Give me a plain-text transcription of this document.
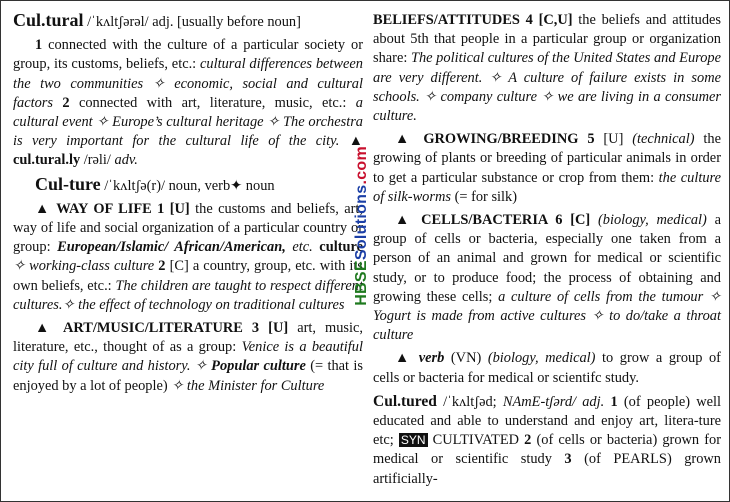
Cul.tural /ˈkʌltʃərəl/ adj. [usually before noun]

1 connected with the culture of a particular society or group, its customs, beliefs, etc.: cultural differences between the two communities ✧ economic, social and cultural factors 2 connected with art, literature, music, etc.: a cultural event ✧ Europe’s cultural heritage ✧ The orchestra is very important for the cultural life of the city. ▲ cul.tural.ly /rəli/ adv.

Cul-ture /ˈkʌltʃə(r)/ noun, verb✦ noun

▲ WAY OF LIFE 1 [U] the customs and beliefs, art, way of life and social organization of a particular country or group: European/Islamic/ African/American, etc. culture ✧ working-class culture 2 [C] a country, group, etc. with its own beliefs, etc.: The children are taught to respect different cultures.✧ the effect of technology on traditional cultures

▲ ART/MUSIC/LITERATURE 3 [U] art, music, literature, etc., thought of as a group: Venice is a beautiful city full of culture and history. ✧ Popular culture (= that is enjoyed by a lot of people) ✧ the Minister for Culture

HBSESolutions.com

BELIEFS/ATTITUDES 4 [C,U] the beliefs and attitudes about 5th that people in a particular group or organization share: The political cultures of the United States and Europe are very different. ✧ A culture of failure exists in some schools. ✧ company culture ✧ we are living in a consumer culture.

▲ GROWING/BREEDING 5 [U] (technical) the growing of plants or breeding of particular animals in order to get a particular substance or crop from them: the culture of silk-worms (= for silk)

▲ CELLS/BACTERIA 6 [C] (biology, medical) a group of cells or bacteria, especially one taken from a person of an animal and grown for medical or scientific study, or to produce food; the process of obtaining and growing these cells; a culture of cells from the tumour ✧ Yogurt is made from active cultures ✧ to do/take a throat culture

▲ verb (VN) (biology, medical) to grow a group of cells or bacteria for medical or scientifc study.

Cul.tured /ˈkʌltʃəd; NAmE-tʃərd/ adj. 1 (of people) well educated and able to understand and enjoy art, litera-ture etc; SYN CULTIVATED 2 (of cells or bacteria) grown for medical or scientific study 3 (of PEARLS) grown artificially-
